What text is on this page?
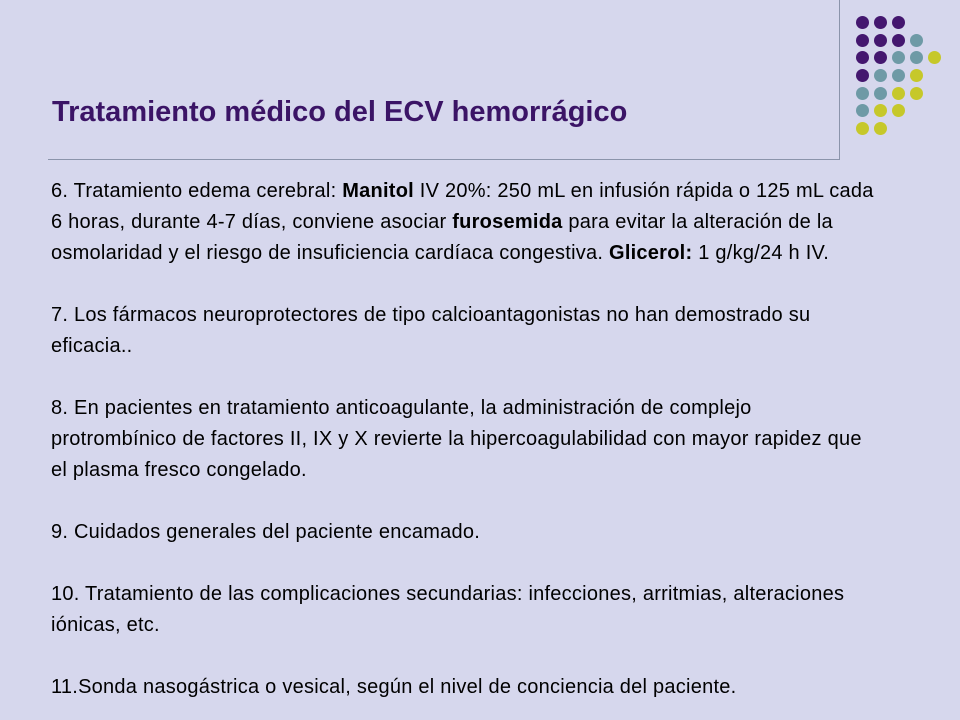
Tratamiento médico del ECV hemorrágico

6. Tratamiento edema cerebral: Manitol IV 20%: 250 mL en infusión rápida o 125 mL cada 6 horas, durante 4-7 días, conviene asociar furosemida para evitar la alteración de la osmolaridad y el riesgo de insuficiencia cardíaca congestiva. Glicerol: 1 g/kg/24 h IV.

7. Los fármacos neuroprotectores de tipo calcioantagonistas no han demostrado su eficacia..

8. En pacientes en tratamiento anticoagulante, la administración de complejo protrombínico de factores II, IX y X revierte la hipercoagulabilidad con mayor rapidez que el plasma fresco congelado.

9. Cuidados generales del paciente encamado.

10. Tratamiento de las complicaciones secundarias: infecciones, arritmias, alteraciones iónicas, etc.

11.Sonda nasogástrica o vesical, según el nivel de conciencia del paciente.
